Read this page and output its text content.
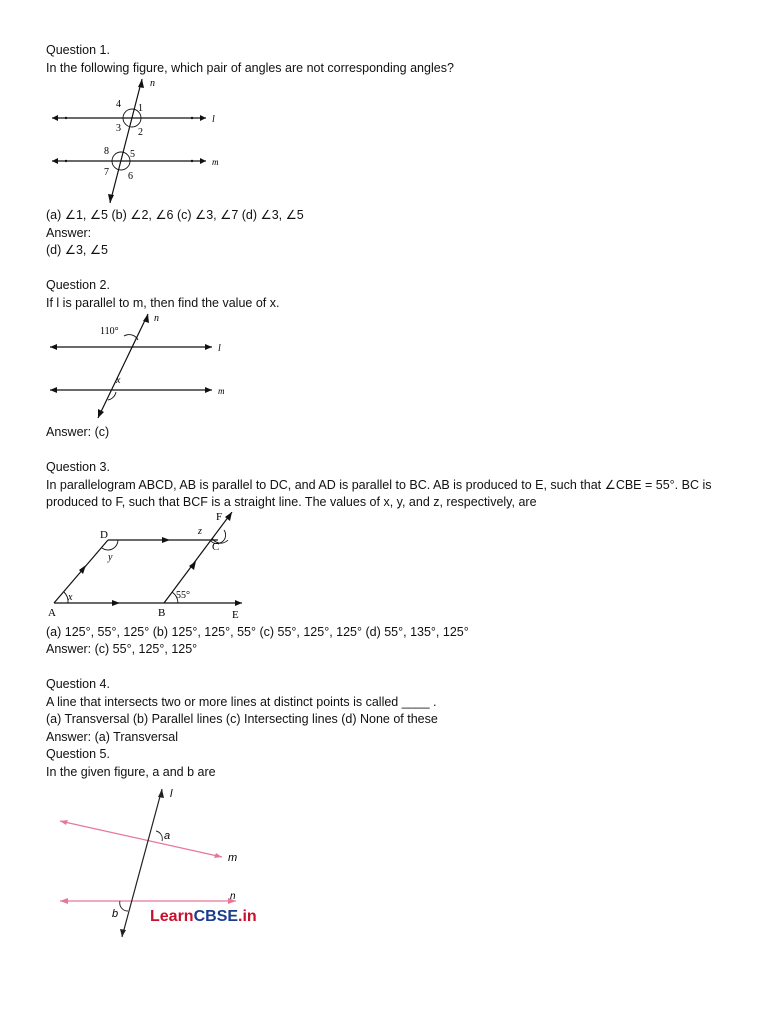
Question 1.
In the following figure, which pair of angles are not corresponding angles?
n
l
m
4 1
3 2
8 5
7 6
(a) ∠1, ∠5 (b) ∠2, ∠6 (c) ∠3, ∠7 (d) ∠3, ∠5
Answer:
(d) ∠3, ∠5
Question 2.
If l is parallel to m, then find the value of x.
n
l
m
110°
x
Answer: (c)
Question 3.
In parallelogram ABCD, AB is parallel to DC, and AD is parallel to BC. AB is produced to E, such that ∠CBE = 55°. BC is
produced to F, such that BCF is a straight line. The values of x, y, and z, respectively, are
A	B
C
D
E
F
x
y
z
55°
(a) 125°, 55°, 125° (b) 125°, 125°, 55° (c) 55°, 125°, 125° (d) 55°, 135°, 125°
Answer: (c) 55°, 125°, 125°
Question 4.
A line that intersects two or more lines at distinct points is called ____ .
(a) Transversal (b) Parallel lines (c) Intersecting lines (d) None of these
Answer: (a) Transversal
Question 5.
In the given figure, a and b are
l
m
n
a
b LearnCBSE.in
